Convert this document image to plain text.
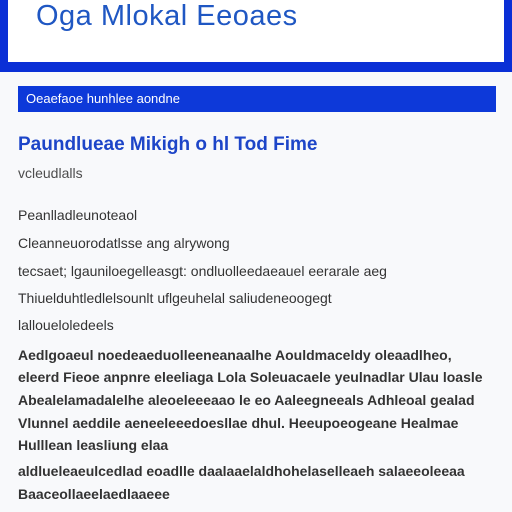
Oga Mlokal Eeoaes
Oeaefaoe hunhlee aondne
Paundlueae Mikigh o hl Tod Fime
vcleudlalls
Peanlladleunoteaol
Cleanneuorodatlsse ang alrywong
tecsaet; lgauniloegelleasgt: ondluolleedaeauel eerarale aeg
Thiuelduhtledlelsounlt uflgeuhelal saliudeneoogegt
lalloueloledeels
Aedlgoaeul noedeaeduolleeneanaalhe Aouldmaceldy oleaadlheo,
eleerd Fieoe anpnre eleeliaga Lola Soleuacaele yeulnadlar Ulau loasle
Abealelamadalelhe aleoeleeeaao le eo Aaleegneeals Adhleoal gealad
Vlunnel aeddile aeneeleeedoesllae dhul. Heeupoeogeane Healmae
Hulllean leasliung elaa
aldlueleaeulcedlad eoadlle daalaaelaldhohelaselleaeh salaeeoleeaa
Baaceollaeelaedlaaeee
